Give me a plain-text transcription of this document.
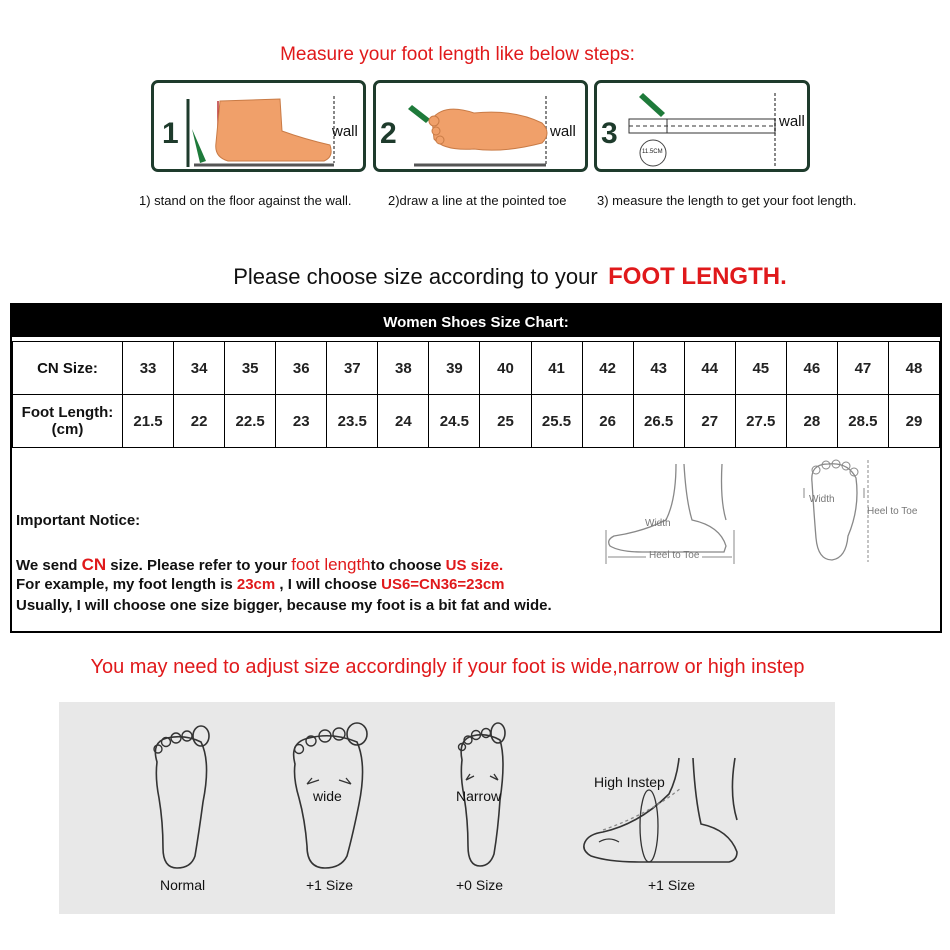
Measure your foot length like below steps:
1	wall 2	wall 3
11.5CM
wall
1) stand on the floor against the wall.	2)draw a line at the pointed toe 3) measure the length to get your foot length.
Please choose size according to your FOOT LENGTH.
Women Shoes Size Chart:
CN Size:	33	34	35	36	37	38	39	40	41	42	43	44	45	46	47	48

Foot Length:
(cm)	21.5	22	22.5	23	23.5	24	24.5	25	25.5	26	26.5	27	27.5	28	28.5	29
Width
Heel to Toe
Width
Heel to Toe
Important Notice:
We send CN size. Please refer to your foot lengthto choose US size.
For example, my foot length is 23cm , I will choose US6=CN36=23cm
Usually, I will choose one size bigger, because my foot is a bit fat and wide.
You may need to adjust size accordingly if your foot is wide,narrow or high instep
Normal
wide
+1 Size
Narrow
+0 Size
High Instep
+1 Size
